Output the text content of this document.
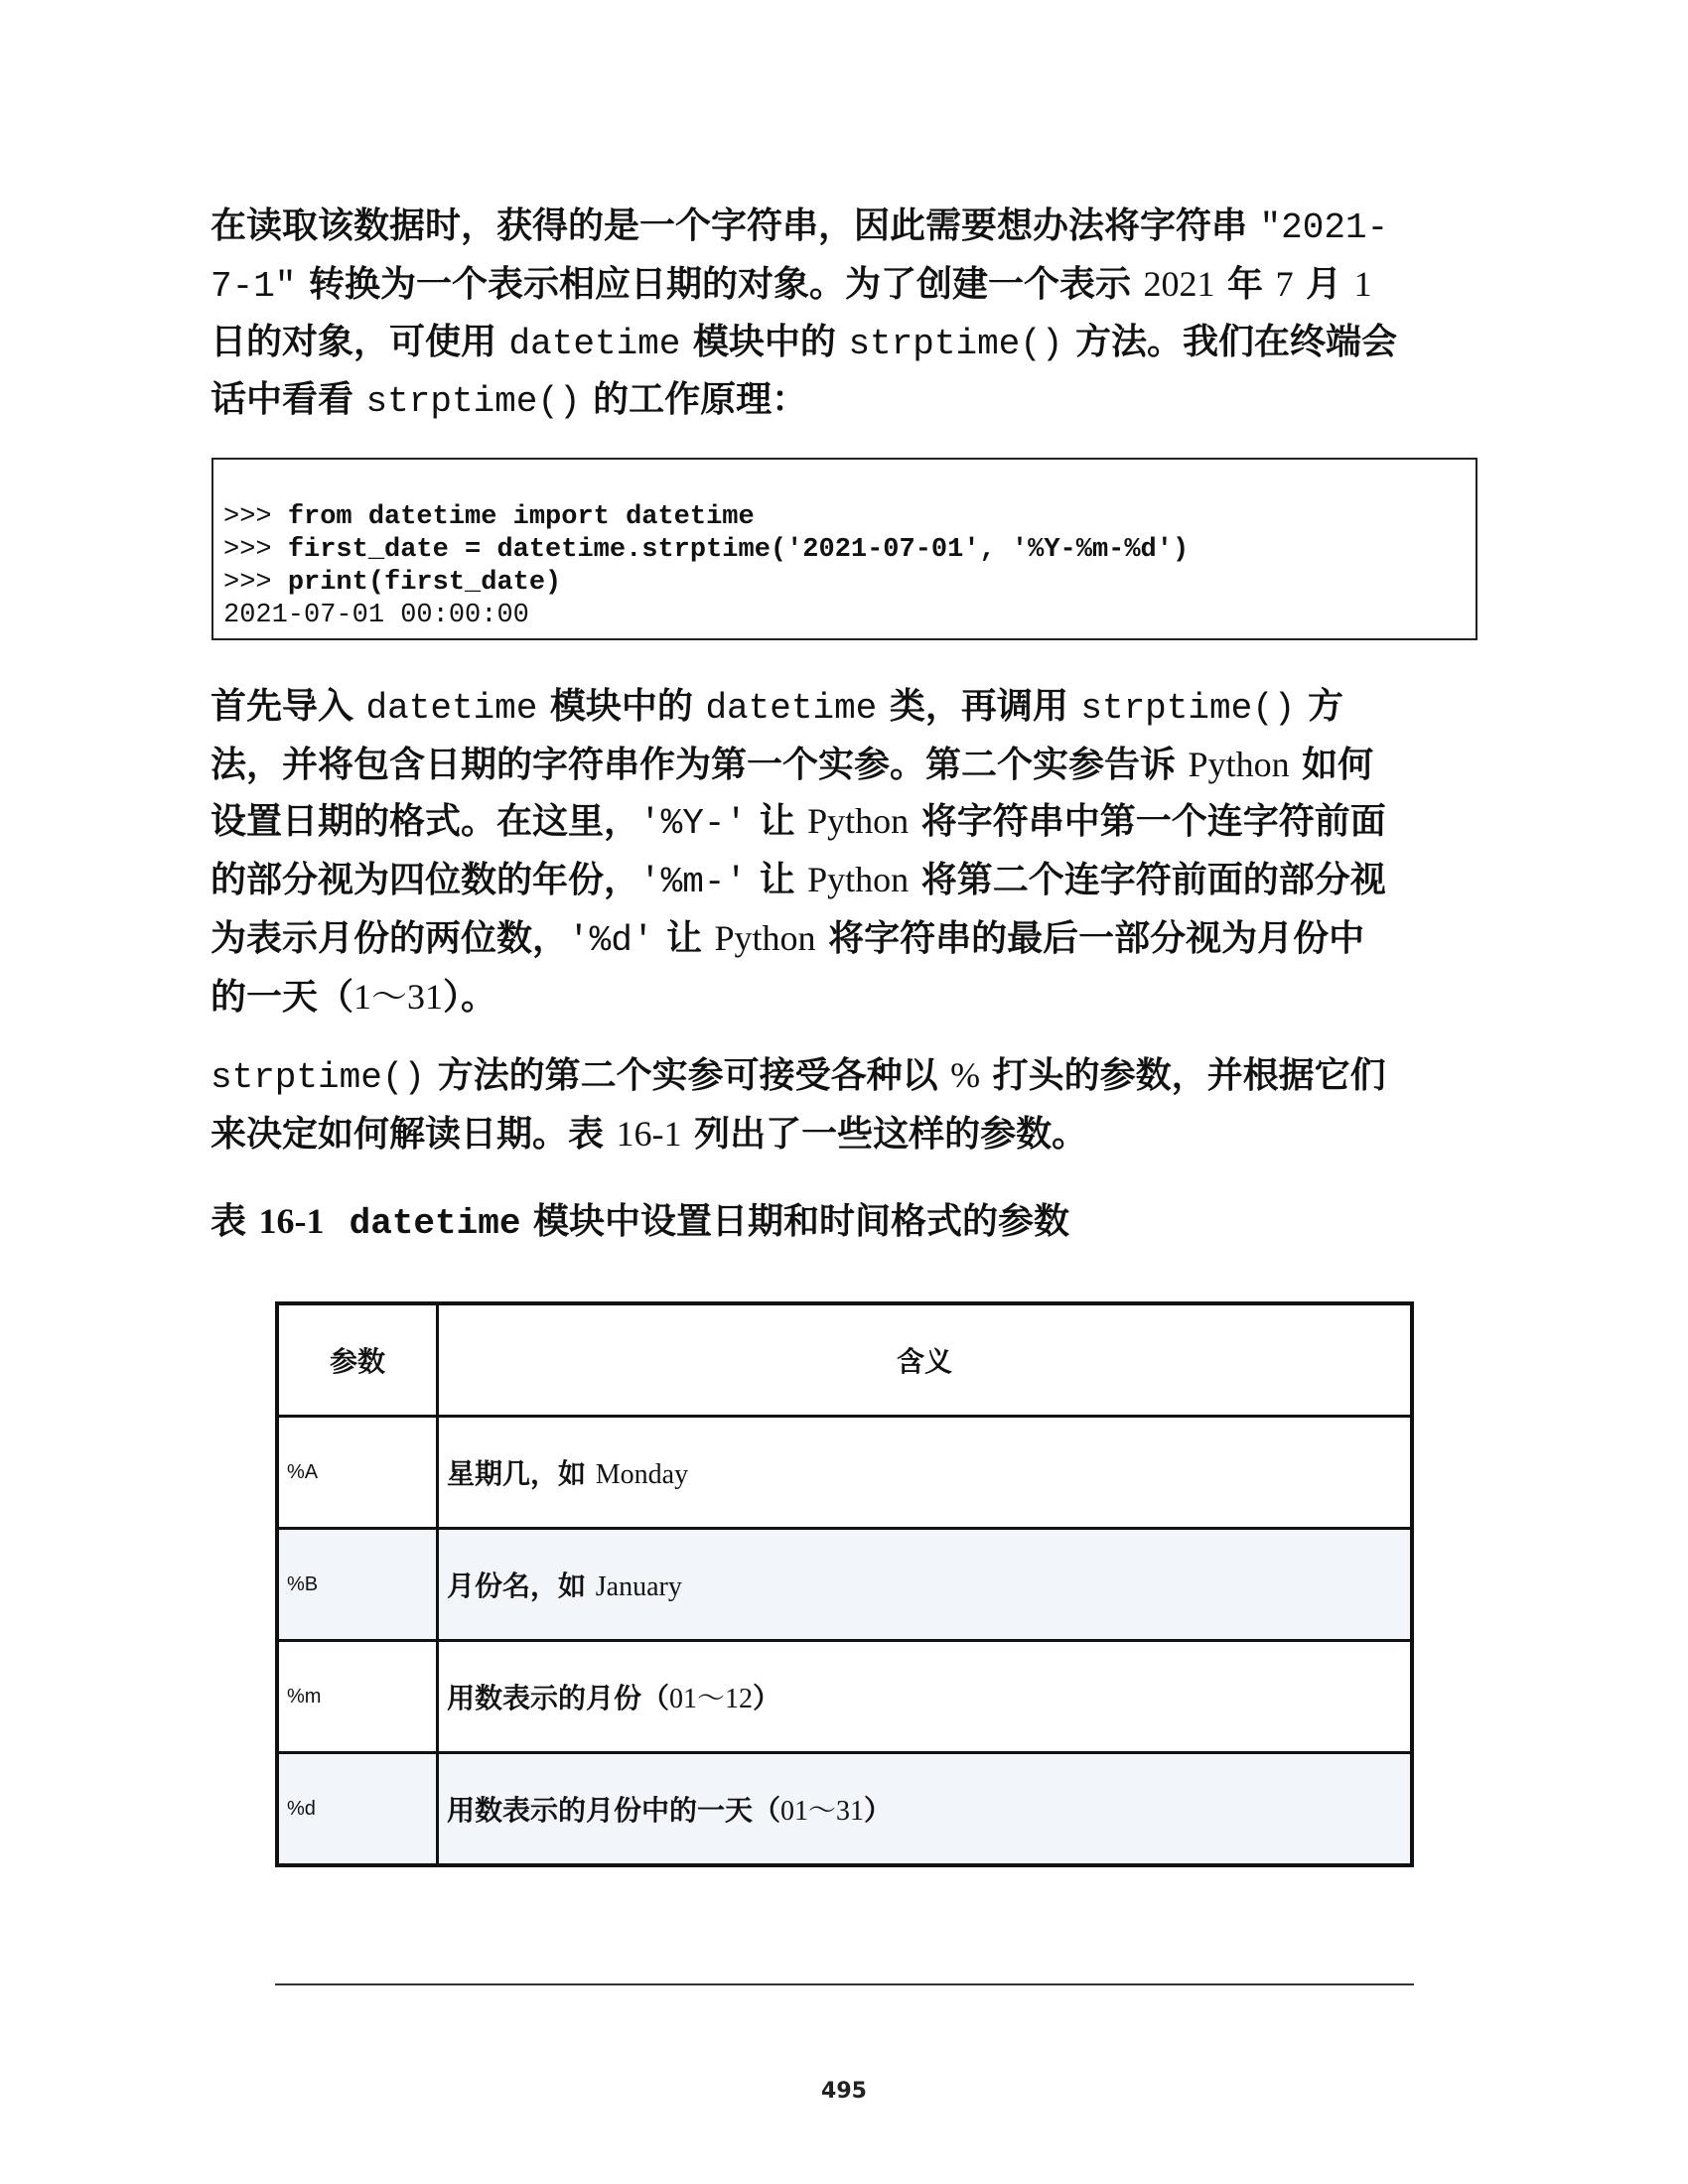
在读取该数据时，获得的是一个字符串，因此需要想办法将字符串 "2021-
7-1" 转换为一个表示相应日期的对象。为了创建一个表示 2021 年 7 月 1
日的对象，可使用 datetime 模块中的 strptime() 方法。我们在终端会
话中看看 strptime() 的工作原理：
>>> from datetime import datetime
>>> first_date = datetime.strptime('2021-07-01', '%Y-%m-%d')
>>> print(first_date)
2021-07-01 00:00:00
首先导入 datetime 模块中的 datetime 类，再调用 strptime() 方
法，并将包含日期的字符串作为第一个实参。第二个实参告诉 Python 如何
设置日期的格式。在这里，'%Y-' 让 Python 将字符串中第一个连字符前面
的部分视为四位数的年份，'%m-' 让 Python 将第二个连字符前面的部分视
为表示月份的两位数，'%d' 让 Python 将字符串的最后一部分视为月份中
的一天（1～31）。
strptime() 方法的第二个实参可接受各种以 % 打头的参数，并根据它们
来决定如何解读日期。表 16-1 列出了一些这样的参数。
表 16-1 datetime 模块中设置日期和时间格式的参数
参数	含义
%A	星期几，如 Monday
%B	月份名，如 January
%m	用数表示的月份（01～12）
%d	用数表示的月份中的一天（01～31）
495
